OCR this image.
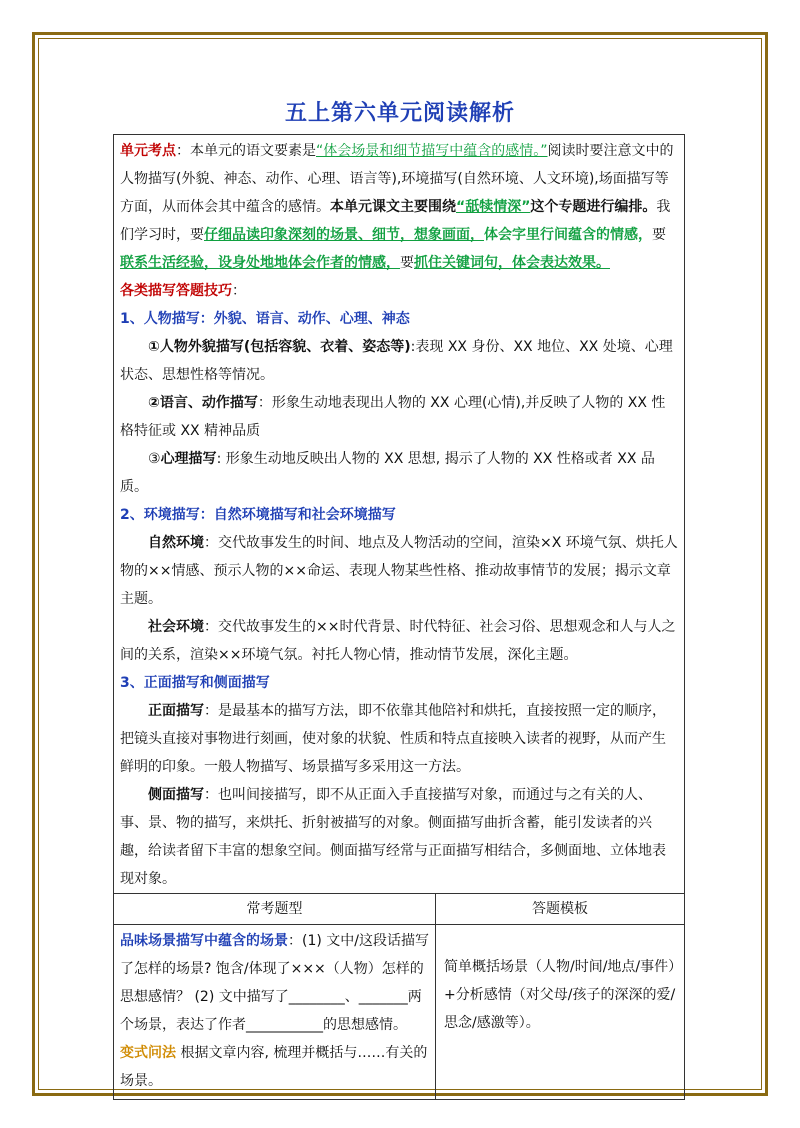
五上第六单元阅读解析

单元考点：本单元的语文要素是“体会场景和细节描写中蕴含的感情。”阅读时要注意文中的人物描写(外貌、神态、动作、心理、语言等),环境描写(自然环境、人文环境),场面描写等方面，从而体会其中蕴含的感情。本单元课文主要围绕“舐犊情深”这个专题进行编排。我们学习时，要仔细品读印象深刻的场景、细节，想象画面，体会字里行间蕴含的情感，要联系生活经验，设身处地地体会作者的情感，要抓住关键词句，体会表达效果。

各类描写答题技巧：

1、人物描写：外貌、语言、动作、心理、神态

①人物外貌描写(包括容貌、衣着、姿态等):表现 XX 身份、XX 地位、XX 处境、心理状态、思想性格等情况。

②语言、动作描写：形象生动地表现出人物的 XX 心理(心情),并反映了人物的 XX 性格特征或 XX 精神品质

③心理描写: 形象生动地反映出人物的 XX 思想, 揭示了人物的 XX 性格或者 XX 品质。

2、环境描写：自然环境描写和社会环境描写

自然环境：交代故事发生的时间、地点及人物活动的空间，渲染×X 环境气氛、烘托人物的××情感、预示人物的××命运、表现人物某些性格、推动故事情节的发展；揭示文章主题。

社会环境：交代故事发生的××时代背景、时代特征、社会习俗、思想观念和人与人之间的关系，渲染××环境气氛。衬托人物心情，推动情节发展，深化主题。

3、正面描写和侧面描写

正面描写：是最基本的描写方法，即不依靠其他陪衬和烘托，直接按照一定的顺序，把镜头直接对事物进行刻画，使对象的状貌、性质和特点直接映入读者的视野，从而产生鲜明的印象。一般人物描写、场景描写多采用这一方法。

侧面描写：也叫间接描写，即不从正面入手直接描写对象，而通过与之有关的人、事、景、物的描写，来烘托、折射被描写的对象。侧面描写曲折含蓄，能引发读者的兴趣，给读者留下丰富的想象空间。侧面描写经常与正面描写相结合，多侧面地、立体地表现对象。

常考题型	答题模板
品味场景描写中蕴含的场景：(1) 文中/这段话描写了怎样的场景? 饱含/体现了×××（人物）怎样的思想感情？ (2) 文中描写了________、_______两个场景，表达了作者___________的思想感情。
变式问法 根据文章内容, 梳理并概括与……有关的场景。
简单概括场景（人物/时间/地点/事件）+分析感情（对父母/孩子的深深的爱/思念/感激等）。
